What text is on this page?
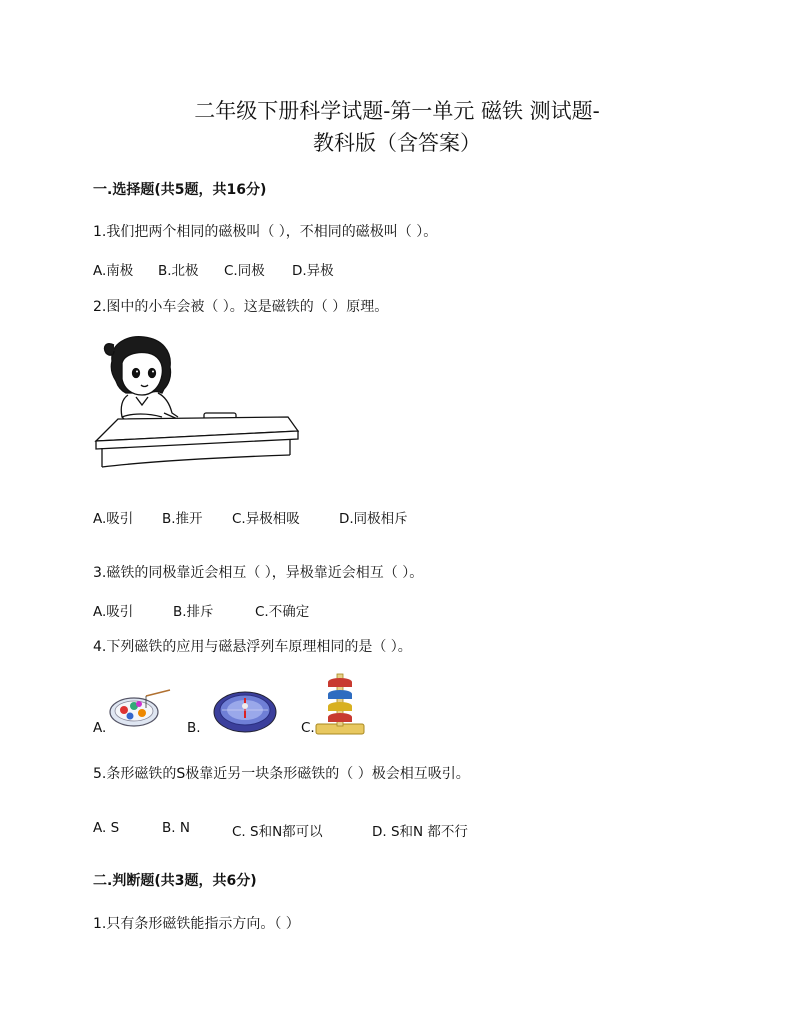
二年级下册科学试题-第一单元 磁铁 测试题-
教科版（含答案）
一.选择题(共5题，共16分)
1.我们把两个相同的磁极叫（ ），不相同的磁极叫（ ）。
A.南极 B.北极 C.同极 D.异极
2.图中的小车会被（ ）。这是磁铁的（ ）原理。
A.吸引 B.推开 C.异极相吸	D.同极相斥
3.磁铁的同极靠近会相互（ ），异极靠近会相互（ ）。
A.吸引	B.排斥	C.不确定
4.下列磁铁的应用与磁悬浮列车原理相同的是（ ）。
A.	B.	C.
5.条形磁铁的S极靠近另一块条形磁铁的（ ）极会相互吸引。
A. S	B. N	C. S和N都可以	D. S和N 都不行
二.判断题(共3题，共6分)
1.只有条形磁铁能指示方向。（ ）
